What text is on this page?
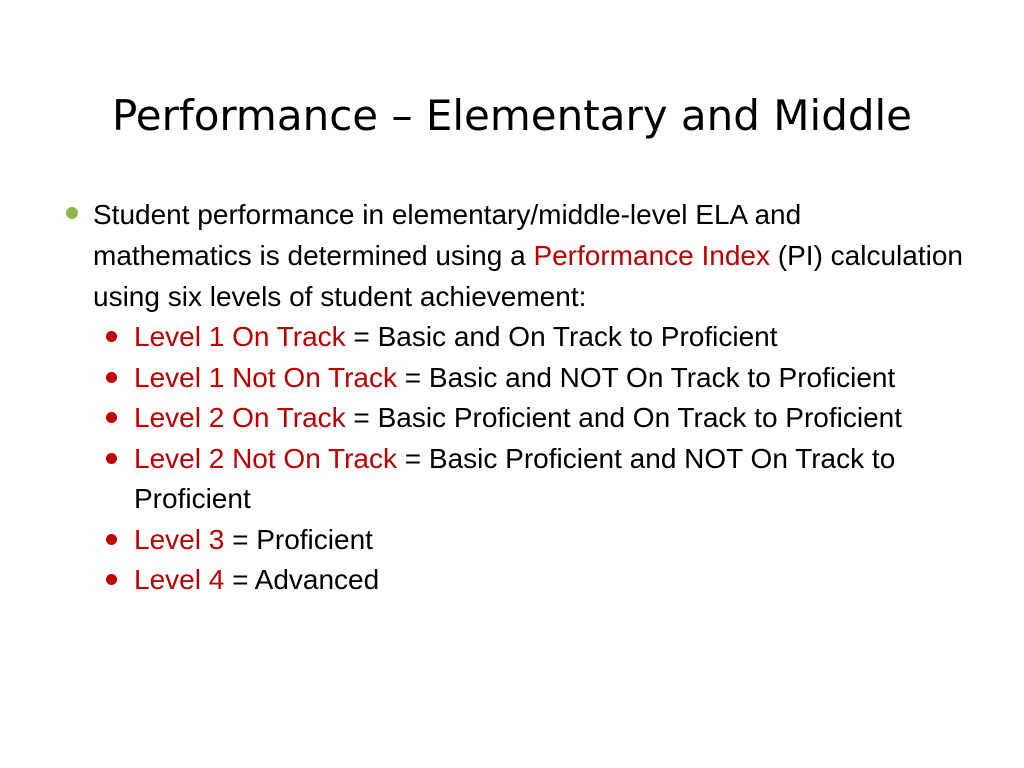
Performance – Elementary and Middle
Student performance in elementary/middle-level ELA and mathematics is determined using a Performance Index (PI) calculation using six levels of student achievement:
Level 1 On Track = Basic and On Track to Proficient
Level 1 Not On Track = Basic and NOT On Track to Proficient
Level 2 On Track = Basic Proficient and On Track to Proficient
Level 2 Not On Track = Basic Proficient and NOT On Track to Proficient
Level 3 = Proficient
Level 4 = Advanced
